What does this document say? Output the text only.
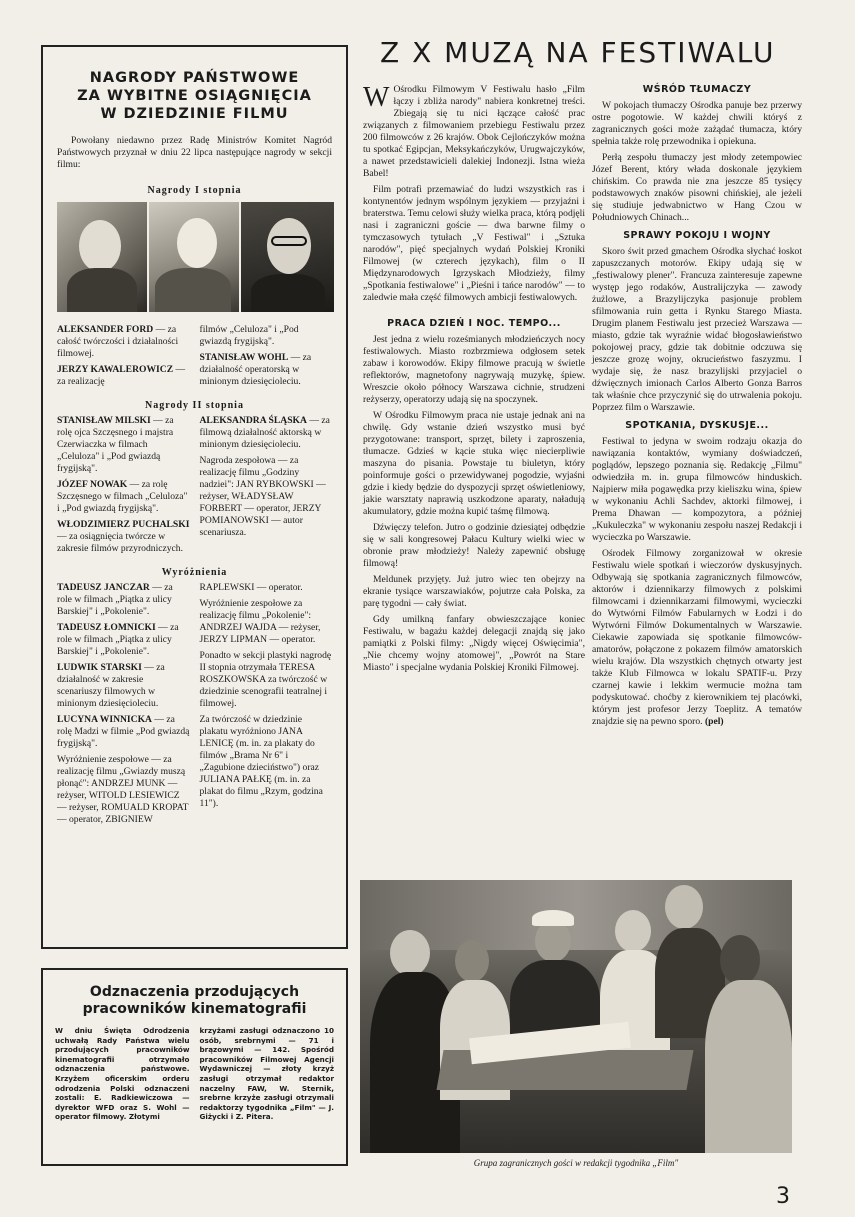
NAGRODY PAŃSTWOWE
ZA WYBITNE OSIĄGNIĘCIA
W DZIEDZINIE FILMU

Powołany niedawno przez Radę Ministrów Komitet Nagród Państwowych przyznał w dniu 22 lipca następujące nagrody w sekcji filmu:

Nagrody I stopnia

ALEKSANDER FORD — za całość twórczości i działalności filmowej.

JERZY KAWALEROWICZ — za realizację

filmów „Celuloza" i „Pod gwiazdą frygijską".

STANISŁAW WOHL — za działalność operatorską w minionym dziesięcioleciu.

Nagrody II stopnia

STANISŁAW MILSKI — za rolę ojca Szczęsnego i majstra Czerwiaczka w filmach „Celuloza" i „Pod gwiazdą frygijską".

JÓZEF NOWAK — za rolę Szczęsnego w filmach „Celuloza" i „Pod gwiazdą frygijską".

WŁODZIMIERZ PUCHALSKI — za osiągnięcia twórcze w zakresie filmów przyrodniczych.

ALEKSANDRA ŚLĄSKA — za filmową działalność aktorską w minionym dziesięcioleciu.

Nagroda zespołowa — za realizację filmu „Godziny nadziei": JAN RYBKOWSKI — reżyser, WŁADYSŁAW FORBERT — operator, JERZY POMIANOWSKI — autor scenariusza.

Wyróżnienia

TADEUSZ JANCZAR — za role w filmach „Piątka z ulicy Barskiej" i „Pokolenie".

TADEUSZ ŁOMNICKI — za role w filmach „Piątka z ulicy Barskiej" i „Pokolenie".

LUDWIK STARSKI — za działalność w zakresie scenariuszy filmowych w minionym dziesięcioleciu.

LUCYNA WINNICKA — za rolę Madzi w filmie „Pod gwiazdą frygijską".

Wyróżnienie zespołowe — za realizację filmu „Gwiazdy muszą płonąć": ANDRZEJ MUNK — reżyser, WITOLD LESIEWICZ — reżyser, ROMUALD KROPAT — operator, ZBIGNIEW

RAPLEWSKI — operator.

Wyróżnienie zespołowe za realizację filmu „Pokolenie": ANDRZEJ WAJDA — reżyser, JERZY LIPMAN — operator.

Ponadto w sekcji plastyki nagrodę II stopnia otrzymała TERESA ROSZKOWSKA za twórczość w dziedzinie scenografii teatralnej i filmowej.

Za twórczość w dziedzinie plakatu wyróżniono JANA LENICĘ (m. in. za plakaty do filmów „Brama Nr 6" i „Zagubione dzieciństwo") oraz JULIANA PAŁKĘ (m. in. za plakat do filmu „Rzym, godzina 11").

Odznaczenia przodujących
pracowników kinematografii

W dniu Święta Odrodzenia uchwałą Rady Państwa wielu przodujących pracowników kinematografii otrzymało odznaczenia państwowe. Krzyżem oficerskim orderu odrodzenia Polski odznaczeni zostali: E. Radkiewiczowa — dyrektor WFD oraz S. Wohl — operator filmowy. Złotymi

krzyżami zasługi odznaczono 10 osób, srebrnymi — 71 i brązowymi — 142. Spośród pracowników Filmowej Agencji Wydawniczej — złoty krzyż zasługi otrzymał redaktor naczelny FAW, W. Sternik, srebrne krzyże zasługi otrzymali redaktorzy tygodnika „Film" — J. Giżycki i Z. Pitera.

Z X MUZĄ NA FESTIWALU

W Ośrodku Filmowym V Festiwalu hasło „Film łączy i zbliża narody" nabiera konkretnej treści. Zbiegają się tu nici łączące całość prac związanych z filmowaniem przebiegu Festiwalu przez 200 filmowców z 26 krajów. Obok Cejlończyków można tu spotkać Egipcjan, Meksykańczyków, Urugwajczyków, a nawet przedstawicieli dalekiej Indonezji. Istna wieża Babel!

Film potrafi przemawiać do ludzi wszystkich ras i kontynentów jednym wspólnym językiem — przyjaźni i braterstwa. Temu celowi służy wielka praca, którą podjęli nasi i zagraniczni goście — dwa barwne filmy o tymczasowych tytułach „V Festiwal" i „Sztuka narodów", pięć specjalnych wydań Polskiej Kroniki Filmowej (w czterech językach), film o II Międzynarodowych Igrzyskach Młodzieży, filmy „Spotkania festiwalowe" i „Pieśni i tańce narodów" — to zaledwie mała część filmowych ambicji festiwalowych.

PRACA DZIEŃ I NOC. TEMPO...

Jest jedna z wielu roześmianych młodzieńczych nocy festiwalowych. Miasto rozbrzmiewa odgłosem setek zabaw i korowodów. Ekipy filmowe pracują w świetle reflektorów, magnetofony nagrywają muzykę, śpiew. Wreszcie około północy Warszawa cichnie, strudzeni reżyserzy, operatorzy udają się na spoczynek.

W Ośrodku Filmowym praca nie ustaje jednak ani na chwilę. Gdy wstanie dzień wszystko musi być przygotowane: transport, sprzęt, bilety i zaproszenia, tłumacze. Gdzieś w kącie stuka więc niecierpliwie maszyna do pisania. Powstaje tu biuletyn, który poinformuje gości o przewidywanej pogodzie, wyjaśni gdzie i kiedy będzie do dyspozycji sprzęt oświetleniowy, jakie warsztaty naprawią uszkodzone aparaty, naładują akumulatory, gdzie można kupić taśmę filmową.

Dźwięczy telefon. Jutro o godzinie dziesiątej odbędzie się w sali kongresowej Pałacu Kultury wielki wiec w obronie praw młodzieży! Należy zapewnić obsługę filmową!

Meldunek przyjęty. Już jutro wiec ten obejrzy na ekranie tysiące warszawiaków, pojutrze cała Polska, za parę tygodni — cały świat.

Gdy umilkną fanfary obwieszczające koniec Festiwalu, w bagażu każdej delegacji znajdą się jako pamiątki z Polski filmy: „Nigdy więcej Oświęcimia", „Nie chcemy wojny atomowej", „Powrót na Stare Miasto" i specjalne wydania Polskiej Kroniki Filmowej.

WŚRÓD TŁUMACZY

W pokojach tłumaczy Ośrodka panuje bez przerwy ostre pogotowie. W każdej chwili któryś z zagranicznych gości może zażądać tłumacza, który spełnia także rolę przewodnika i opiekuna.

Perłą zespołu tłumaczy jest młody zetempowiec Józef Berent, który włada doskonale językiem chińskim. Co prawda nie zna jeszcze 85 tysięcy podstawowych znaków pisowni chińskiej, ale jeżeli się studiuje jedwabnictwo w Hang Czou w Południowych Chinach...

SPRAWY POKOJU I WOJNY

Skoro świt przed gmachem Ośrodka słychać łoskot zapuszczanych motorów. Ekipy udają się w „festiwalowy plener". Francuza zainteresuje zapewne występ jego rodaków, Australijczyka — zawody żużlowe, a Brazylijczyka pasjonuje problem sfilmowania ruin getta i Rynku Starego Miasta. Drugim planem Festiwalu jest przecież Warszawa — miasto, gdzie tak wyraźnie widać błogosławieństwo pokojowej pracy, gdzie tak dobitnie odczuwa się jeszcze grozę wojny, okrucieństwo faszyzmu. I wydaje się, że nasz brazylijski przyjaciel o dźwięcznych imionach Carlos Alberto Gonza Barros tak właśnie chce przyczynić się do utrwalenia pokoju. Poprzez film o Warszawie.

SPOTKANIA, DYSKUSJE...

Festiwal to jedyna w swoim rodzaju okazja do nawiązania kontaktów, wymiany doświadczeń, poglądów, lepszego poznania się. Redakcję „Filmu" odwiedziła m. in. grupa filmowców hinduskich. Najpierw miła pogawędka przy kieliszku wina, śpiew w wykonaniu Achli Sachdev, aktorki filmowej, i Prema Dhawan — kompozytora, a później „Kukuleczka" w wykonaniu zespołu naszej Redakcji i wycieczka po Warszawie.

Ośrodek Filmowy zorganizował w okresie Festiwalu wiele spotkań i wieczorów dyskusyjnych. Odbywają się spotkania zagranicznych filmowców, aktorów i dziennikarzy filmowych z polskimi filmowcami i dziennikarzami filmowymi, wycieczki do Wytwórni Filmów Fabularnych w Łodzi i do Wytwórni Filmów Dokumentalnych w Warszawie. Ciekawie zapowiada się spotkanie filmowców-amatorów, połączone z pokazem filmów amatorskich wielu krajów. Dla wszystkich chętnych otwarty jest także Klub Filmowca w lokalu SPATIF-u. Przy czarnej kawie i lekkim wermucie można tam podyskutować. choćby z kierownikiem tej placówki, którym jest profesor Jerzy Toeplitz. A tematów znajdzie się na pewno sporo. (pel)

Grupa zagranicznych gości w redakcji tygodnika „Film"
3
